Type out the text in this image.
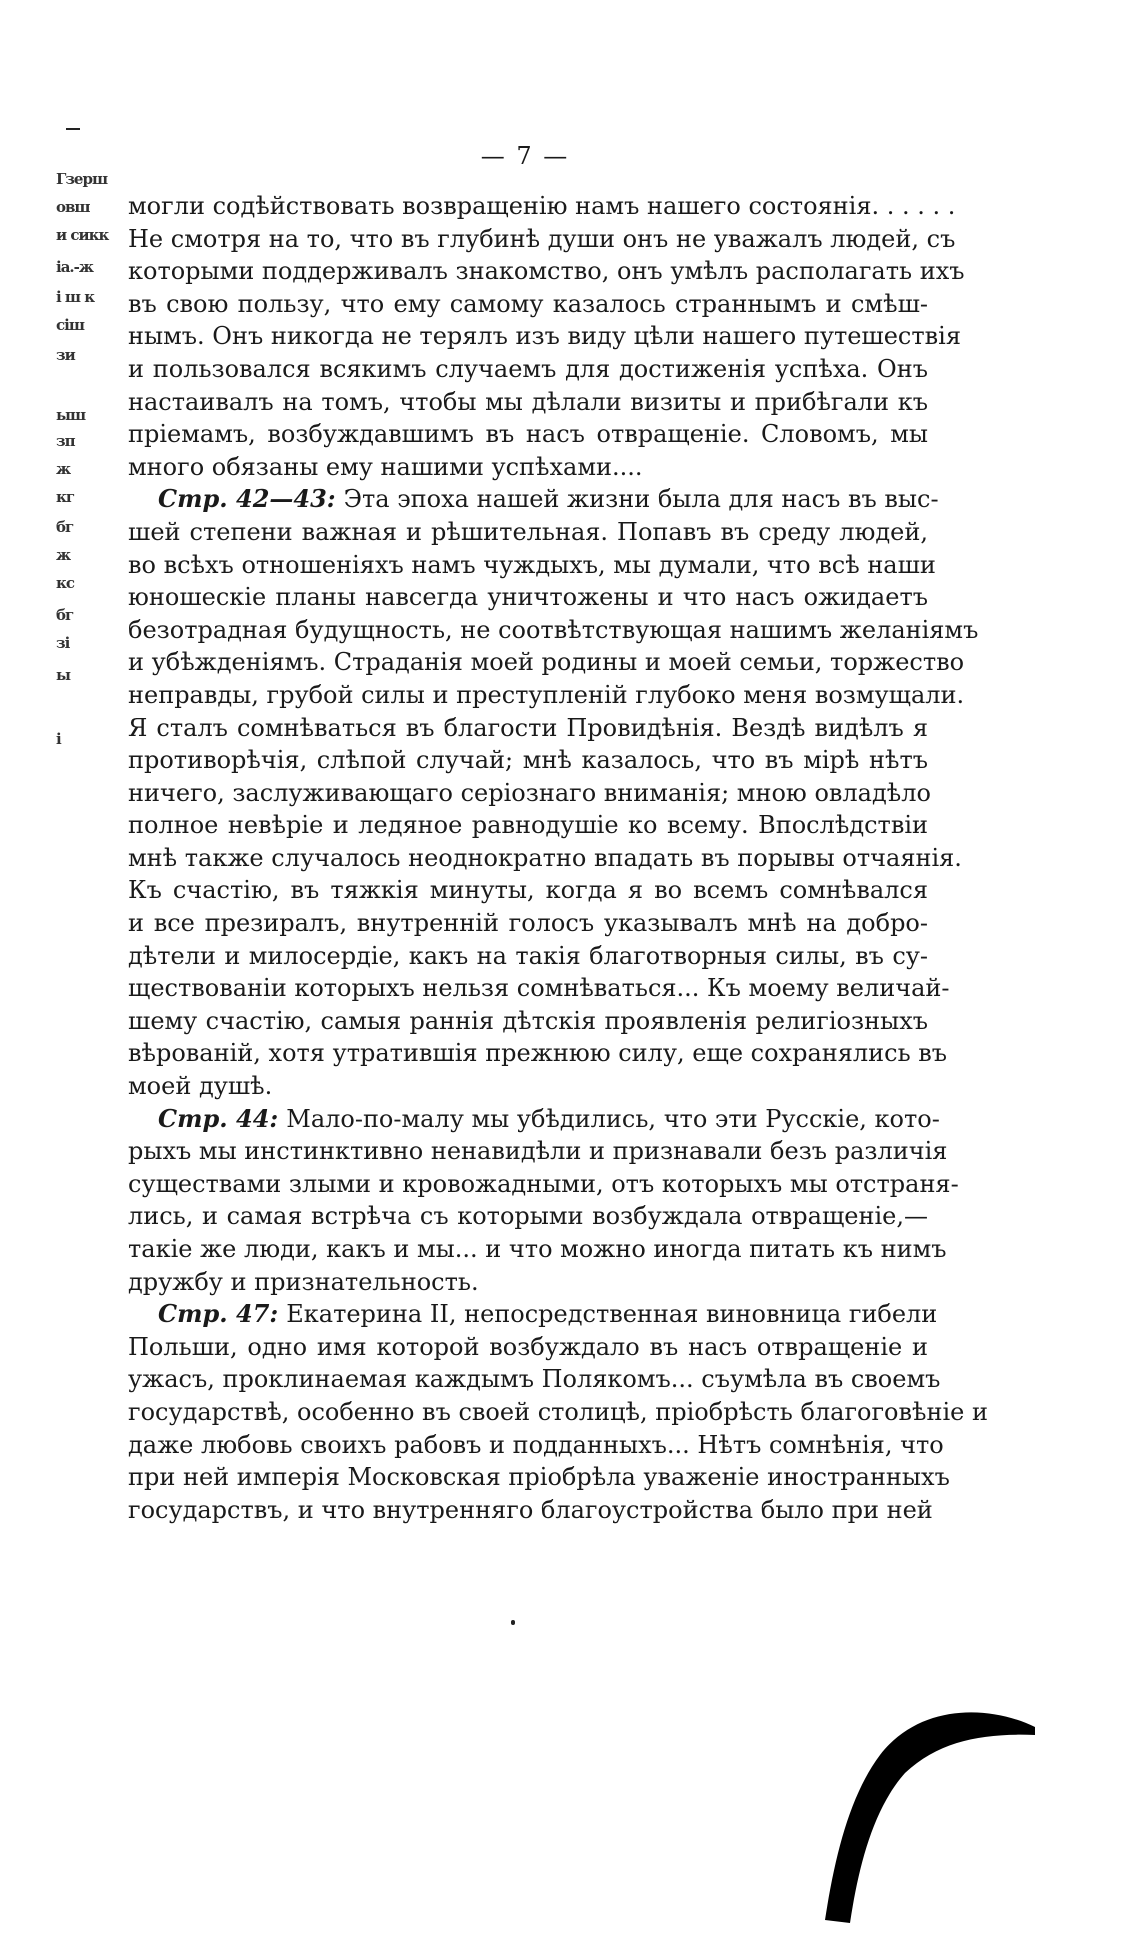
— 7 —
Гзерш
овш
и сикк
іа.-ж
і ш к
сіш
зи
ыш
зп
ж
кг
бг
ж
кс
бг
зі
ы
і
могли содѣйствовать возвращенію намъ нашего состоянія. . . . . .
Не смотря на то, что въ глубинѣ души онъ не уважалъ людей, съ
которыми поддерживалъ знакомство, онъ умѣлъ располагать ихъ
въ свою пользу, что ему самому казалось страннымъ и смѣш-
нымъ. Онъ никогда не терялъ изъ виду цѣли нашего путешествія
и пользовался всякимъ случаемъ для достиженія успѣха. Онъ
настаивалъ на томъ, чтобы мы дѣлали визиты и прибѣгали къ
пріемамъ, возбуждавшимъ въ насъ отвращеніе. Словомъ, мы
много обязаны ему нашими успѣхами....
Стр. 42—43: Эта эпоха нашей жизни была для насъ въ выс-
шей степени важная и рѣшительная. Попавъ въ среду людей,
во всѣхъ отношеніяхъ намъ чуждыхъ, мы думали, что всѣ наши
юношескіе планы навсегда уничтожены и что насъ ожидаетъ
безотрадная будущность, не соотвѣтствующая нашимъ желаніямъ
и убѣжденіямъ. Страданія моей родины и моей семьи, торжество
неправды, грубой силы и преступленій глубоко меня возмущали.
Я сталъ сомнѣваться въ благости Провидѣнія. Вездѣ видѣлъ я
противорѣчія, слѣпой случай; мнѣ казалось, что въ мірѣ нѣтъ
ничего, заслуживающаго серіознаго вниманія; мною овладѣло
полное невѣріе и ледяное равнодушіе ко всему. Впослѣдствіи
мнѣ также случалось неоднократно впадать въ порывы отчаянія.
Къ счастію, въ тяжкія минуты, когда я во всемъ сомнѣвался
и все презиралъ, внутренній голосъ указывалъ мнѣ на добро-
дѣтели и милосердіе, какъ на такія благотворныя силы, въ су-
ществованіи которыхъ нельзя сомнѣваться... Къ моему величай-
шему счастію, самыя раннія дѣтскія проявленія религіозныхъ
вѣрованій, хотя утратившія прежнюю силу, еще сохранялись въ
моей душѣ.
Стр. 44: Мало-по-малу мы убѣдились, что эти Русскіе, кото-
рыхъ мы инстинктивно ненавидѣли и признавали безъ различія
существами злыми и кровожадными, отъ которыхъ мы отстраня-
лись, и самая встрѣча съ которыми возбуждала отвращеніе,—
такіе же люди, какъ и мы... и что можно иногда питать къ нимъ
дружбу и признательность.
Стр. 47: Екатерина II, непосредственная виновница гибели
Польши, одно имя которой возбуждало въ насъ отвращеніе и
ужасъ, проклинаемая каждымъ Полякомъ... съумѣла въ своемъ
государствѣ, особенно въ своей столицѣ, пріобрѣсть благоговѣніе и
даже любовь своихъ рабовъ и подданныхъ... Нѣтъ сомнѣнія, что
при ней имперія Московская пріобрѣла уваженіе иностранныхъ
государствъ, и что внутренняго благоустройства было при ней
